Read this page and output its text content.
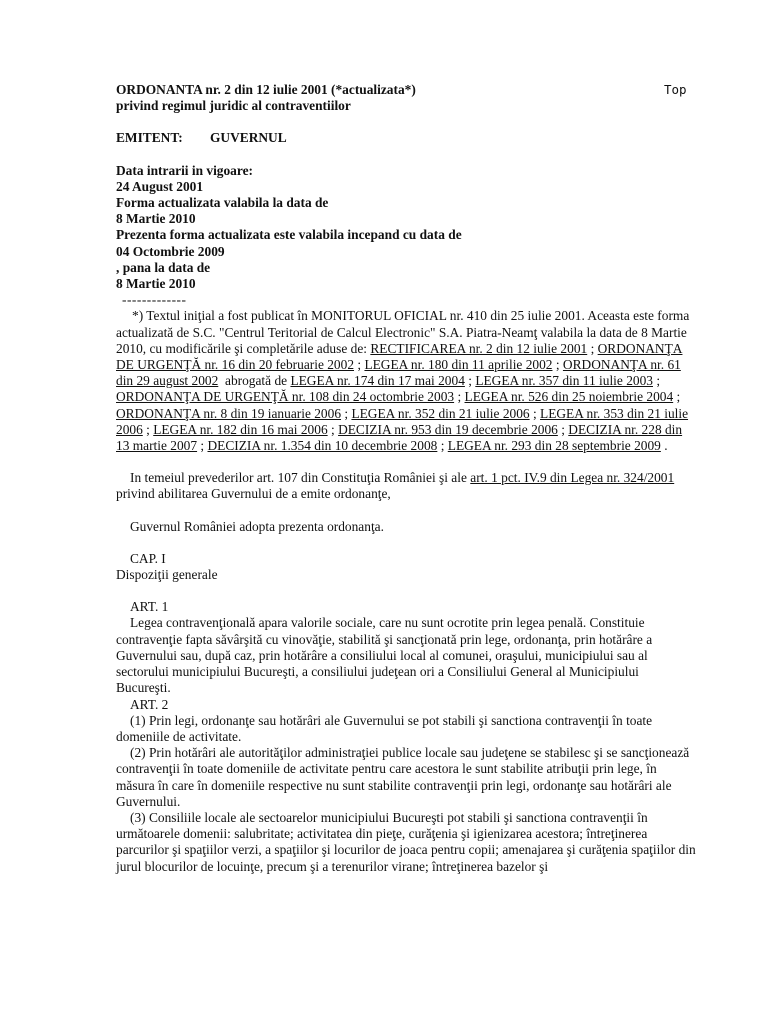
Top
ORDONANTA nr. 2 din 12 iulie 2001 (*actualizata*)
privind regimul juridic al contraventiilor
EMITENT: GUVERNUL
Data intrarii in vigoare:
24 August 2001
Forma actualizata valabila la data de
8 Martie 2010
Prezenta forma actualizata este valabila incepand cu data de
04 Octombrie 2009
, pana la data de
8 Martie 2010
-------------

*) Textul iniţial a fost publicat în MONITORUL OFICIAL nr. 410 din 25 iulie 2001. Aceasta este forma actualizată de S.C. "Centrul Teritorial de Calcul Electronic" S.A. Piatra-Neamţ valabila la data de 8 Martie 2010, cu modificările şi completările aduse de: RECTIFICAREA nr. 2 din 12 iulie 2001 ; ORDONANŢA DE URGENŢĂ nr. 16 din 20 februarie 2002 ; LEGEA nr. 180 din 11 aprilie 2002 ; ORDONANŢA nr. 61 din 29 august 2002 abrogată de LEGEA nr. 174 din 17 mai 2004 ; LEGEA nr. 357 din 11 iulie 2003 ; ORDONANŢA DE URGENŢĂ nr. 108 din 24 octombrie 2003 ; LEGEA nr. 526 din 25 noiembrie 2004 ; ORDONANŢA nr. 8 din 19 ianuarie 2006 ; LEGEA nr. 352 din 21 iulie 2006 ; LEGEA nr. 353 din 21 iulie 2006 ; LEGEA nr. 182 din 16 mai 2006 ; DECIZIA nr. 953 din 19 decembrie 2006 ; DECIZIA nr. 228 din 13 martie 2007 ; DECIZIA nr. 1.354 din 10 decembrie 2008 ; LEGEA nr. 293 din 28 septembrie 2009 .

In temeiul prevederilor art. 107 din Constituţia României şi ale art. 1 pct. IV.9 din Legea nr. 324/2001  privind abilitarea Guvernului de a emite ordonanţe,

Guvernul României adopta prezenta ordonanţa.

CAP. I
Dispoziţii generale
ART. 1

Legea contravenţională apara valorile sociale, care nu sunt ocrotite prin legea penală. Constituie contravenţie fapta săvârşită cu vinovăţie, stabilită şi sancţionată prin lege, ordonanţa, prin hotărâre a Guvernului sau, după caz, prin hotărâre a consiliului local al comunei, oraşului, municipiului sau al sectorului municipiului Bucureşti, a consiliului judeţean ori a Consiliului General al Municipiului Bucureşti.

ART. 2

(1) Prin legi, ordonanţe sau hotărâri ale Guvernului se pot stabili şi sanctiona contravenţii în toate domeniile de activitate.

(2) Prin hotărâri ale autorităţilor administraţiei publice locale sau judeţene se stabilesc şi se sancţionează contravenţii în toate domeniile de activitate pentru care acestora le sunt stabilite atribuţii prin lege, în măsura în care în domeniile respective nu sunt stabilite contravenţii prin legi, ordonanţe sau hotărâri ale Guvernului.

(3) Consiliile locale ale sectoarelor municipiului Bucureşti pot stabili şi sanctiona contravenţii în următoarele domenii: salubritate; activitatea din pieţe, curăţenia şi igienizarea acestora; întreţinerea parcurilor şi spaţiilor verzi, a spaţiilor şi locurilor de joaca pentru copii; amenajarea şi curăţenia spaţiilor din jurul blocurilor de locuinţe, precum şi a terenurilor virane; întreţinerea bazelor şi
